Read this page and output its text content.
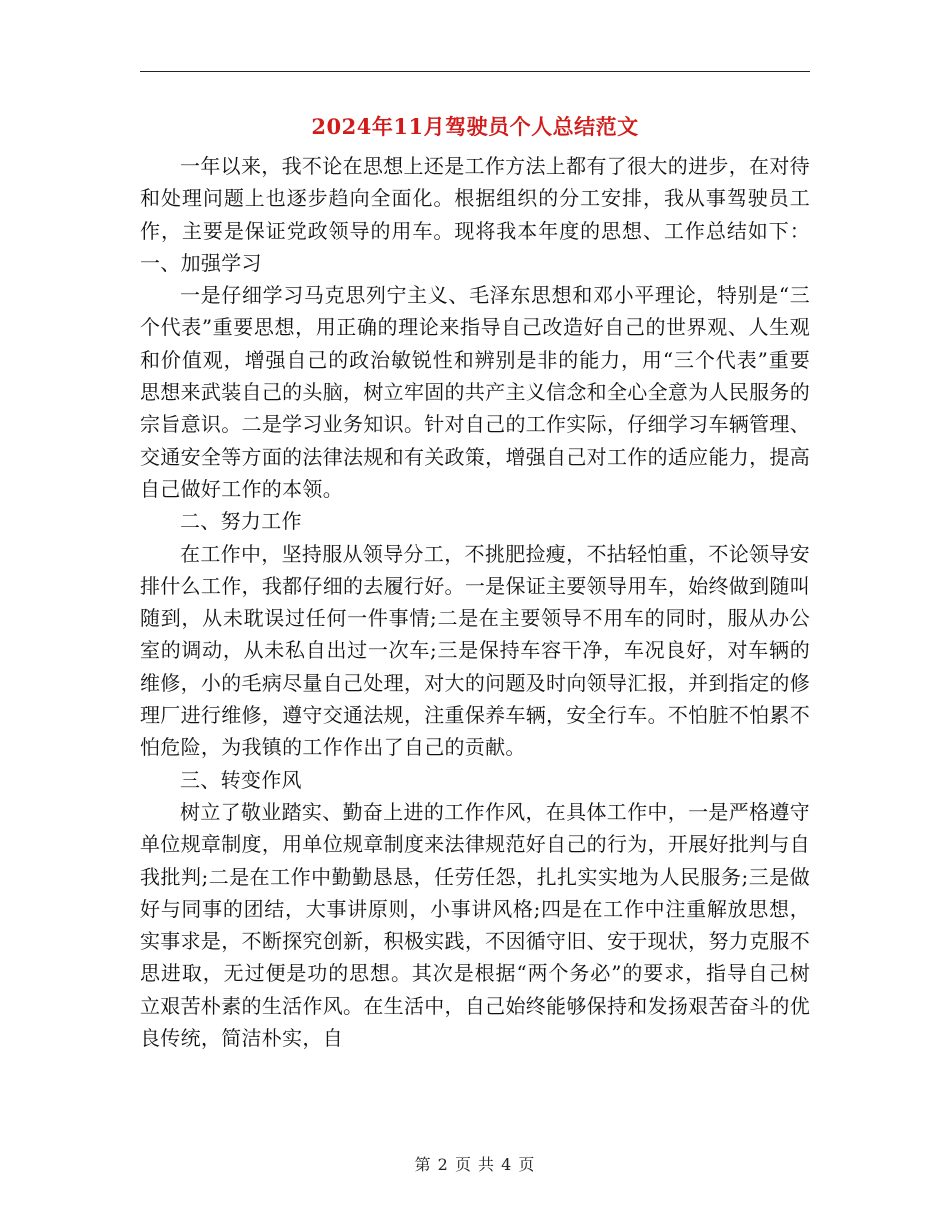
2024年11月驾驶员个人总结范文

一年以来，我不论在思想上还是工作方法上都有了很大的进步，在对待和处理问题上也逐步趋向全面化。根据组织的分工安排，我从事驾驶员工作，主要是保证党政领导的用车。现将我本年度的思想、工作总结如下：一、加强学习

一是仔细学习马克思列宁主义、毛泽东思想和邓小平理论，特别是“三个代表”重要思想，用正确的理论来指导自己改造好自己的世界观、人生观和价值观，增强自己的政治敏锐性和辨别是非的能力，用“三个代表”重要思想来武装自己的头脑，树立牢固的共产主义信念和全心全意为人民服务的宗旨意识。二是学习业务知识。针对自己的工作实际，仔细学习车辆管理、交通安全等方面的法律法规和有关政策，增强自己对工作的适应能力，提高自己做好工作的本领。

二、努力工作

在工作中，坚持服从领导分工，不挑肥捡瘦，不拈轻怕重，不论领导安排什么工作，我都仔细的去履行好。一是保证主要领导用车，始终做到随叫随到，从未耽误过任何一件事情;二是在主要领导不用车的同时，服从办公室的调动，从未私自出过一次车;三是保持车容干净，车况良好，对车辆的维修，小的毛病尽量自己处理，对大的问题及时向领导汇报，并到指定的修理厂进行维修，遵守交通法规，注重保养车辆，安全行车。不怕脏不怕累不怕危险，为我镇的工作作出了自己的贡献。

三、转变作风

树立了敬业踏实、勤奋上进的工作作风，在具体工作中，一是严格遵守单位规章制度，用单位规章制度来法律规范好自己的行为，开展好批判与自我批判;二是在工作中勤勤恳恳，任劳任怨，扎扎实实地为人民服务;三是做好与同事的团结，大事讲原则，小事讲风格;四是在工作中注重解放思想，实事求是，不断探究创新，积极实践，不因循守旧、安于现状，努力克服不思进取，无过便是功的思想。其次是根据“两个务必”的要求，指导自己树立艰苦朴素的生活作风。在生活中，自己始终能够保持和发扬艰苦奋斗的优良传统，简洁朴实，自

第 2 页 共 4 页
